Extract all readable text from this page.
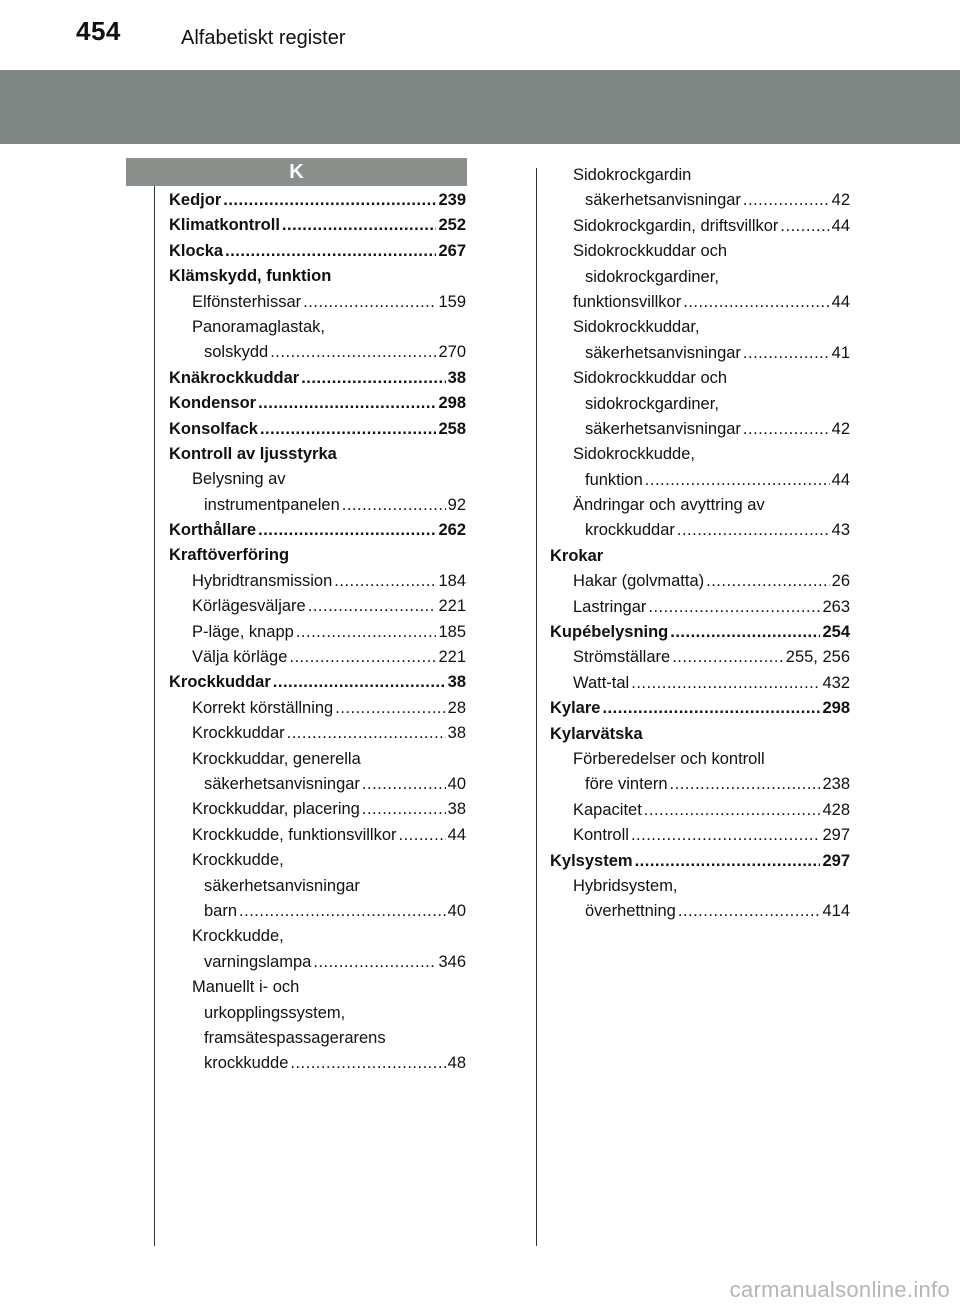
454	Alfabetiskt register
K
Kedjor .....	239
Klimatkontroll .....	252
Klocka .....	267
Klämskydd, funktion
Elfönsterhissar .....	159
Panoramaglastak,
solskydd .....	270
Knäkrockkuddar .....	38
Kondensor .....	298
Konsolfack .....	258
Kontroll av ljusstyrka
Belysning av
instrumentpanelen .....	92
Korthållare .....	262
Kraftöverföring
Hybridtransmission .....	184
Körlägesväljare .....	221
P-läge, knapp .....	185
Välja körläge .....	221
Krockkuddar .....	38
Korrekt körställning .....	28
Krockkuddar .....	38
Krockkuddar, generella
säkerhetsanvisningar .....	40
Krockkuddar, placering .....	38
Krockkudde, funktionsvillkor .....	44
Krockkudde,
säkerhetsanvisningar
barn .....	40
Krockkudde,
varningslampa .....	346
Manuellt i- och
urkopplingssystem,
framsätespassagerarens
krockkudde .....	48
Sidokrockgardin
säkerhetsanvisningar .....	42
Sidokrockgardin, driftsvillkor .....	44
Sidokrockkuddar och
sidokrockgardiner,
funktionsvillkor .....	44
Sidokrockkuddar,
säkerhetsanvisningar .....	41
Sidokrockkuddar och
sidokrockgardiner,
säkerhetsanvisningar .....	42
Sidokrockkudde,
funktion .....	44
Ändringar och avyttring av
krockkuddar .....	43
Krokar
Hakar (golvmatta) .....	26
Lastringar .....	263
Kupébelysning .....	254
Strömställare .....	255, 256
Watt-tal .....	432
Kylare .....	298
Kylarvätska
Förberedelser och kontroll
före vintern .....	238
Kapacitet .....	428
Kontroll .....	297
Kylsystem .....	297
Hybridsystem,
överhettning .....	414
carmanualsonline.info
